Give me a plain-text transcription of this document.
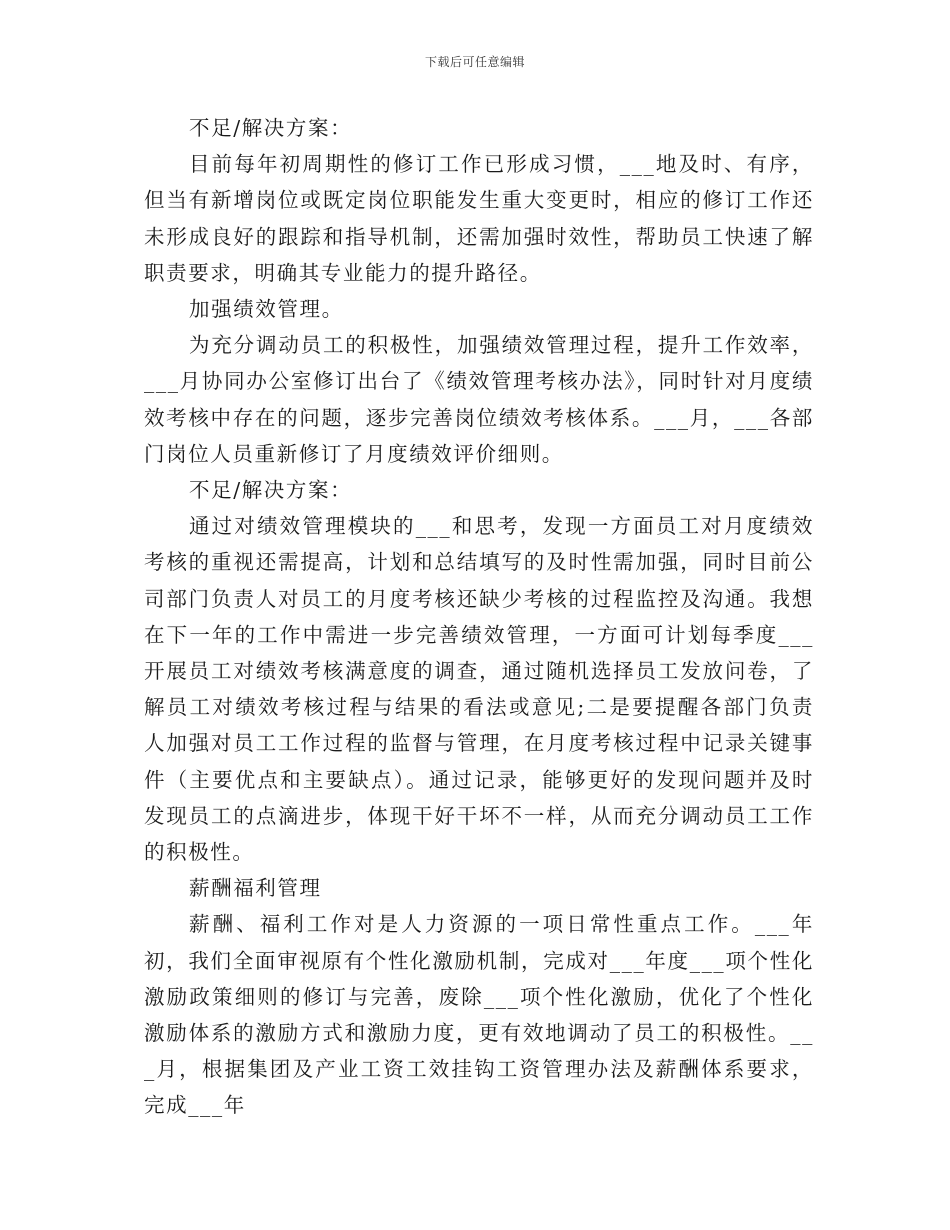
下载后可任意编辑

不足/解决方案：

目前每年初周期性的修订工作已形成习惯，___地及时、有序，但当有新增岗位或既定岗位职能发生重大变更时，相应的修订工作还未形成良好的跟踪和指导机制，还需加强时效性，帮助员工快速了解职责要求，明确其专业能力的提升路径。

加强绩效管理。

为充分调动员工的积极性，加强绩效管理过程，提升工作效率，___月协同办公室修订出台了《绩效管理考核办法》，同时针对月度绩效考核中存在的问题，逐步完善岗位绩效考核体系。___月，___各部门岗位人员重新修订了月度绩效评价细则。

不足/解决方案：

通过对绩效管理模块的___和思考，发现一方面员工对月度绩效考核的重视还需提高，计划和总结填写的及时性需加强，同时目前公司部门负责人对员工的月度考核还缺少考核的过程监控及沟通。我想在下一年的工作中需进一步完善绩效管理，一方面可计划每季度___开展员工对绩效考核满意度的调查，通过随机选择员工发放问卷，了解员工对绩效考核过程与结果的看法或意见;二是要提醒各部门负责人加强对员工工作过程的监督与管理，在月度考核过程中记录关键事件（主要优点和主要缺点）。通过记录，能够更好的发现问题并及时发现员工的点滴进步，体现干好干坏不一样，从而充分调动员工工作的积极性。

薪酬福利管理

薪酬、福利工作对是人力资源的一项日常性重点工作。___年初，我们全面审视原有个性化激励机制，完成对___年度___项个性化激励政策细则的修订与完善，废除___项个性化激励，优化了个性化激励体系的激励方式和激励力度，更有效地调动了员工的积极性。___月，根据集团及产业工资工效挂钩工资管理办法及薪酬体系要求，完成___年
